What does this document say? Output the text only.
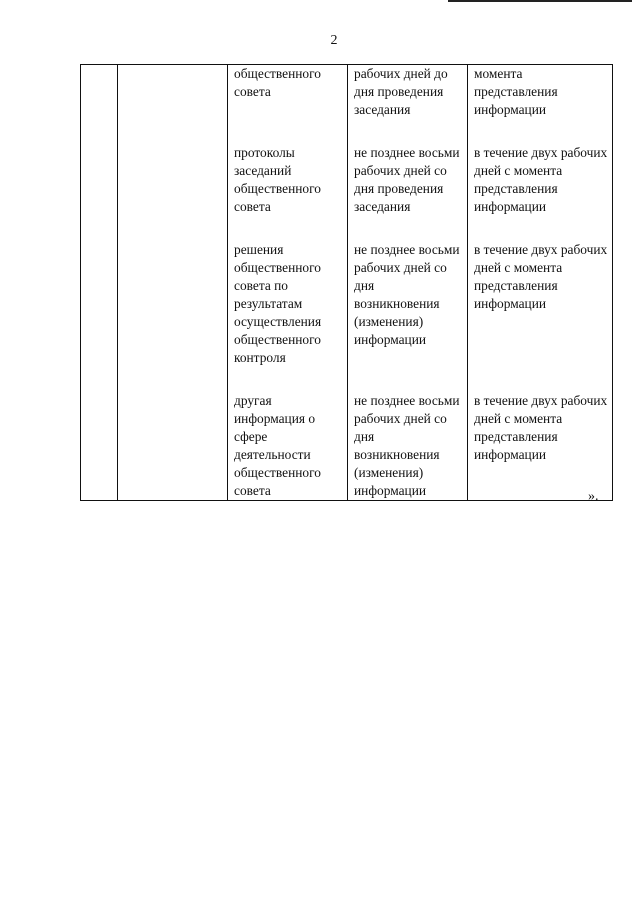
2
		общественного совета	рабочих дней до дня проведения заседания	момента представления информации
		протоколы заседаний общественного совета	не позднее восьми рабочих дней со дня проведения заседания	в течение двух рабочих дней с момента представления информации
		решения общественного совета по результатам осуществления общественного контроля	не позднее восьми рабочих дней со дня возникновения (изменения) информации	в течение двух рабочих дней с момента представления информации
		другая информация о сфере деятельности общественного совета	не позднее восьми рабочих дней со дня возникновения (изменения) информации	в течение двух рабочих дней с момента представления информации
».
